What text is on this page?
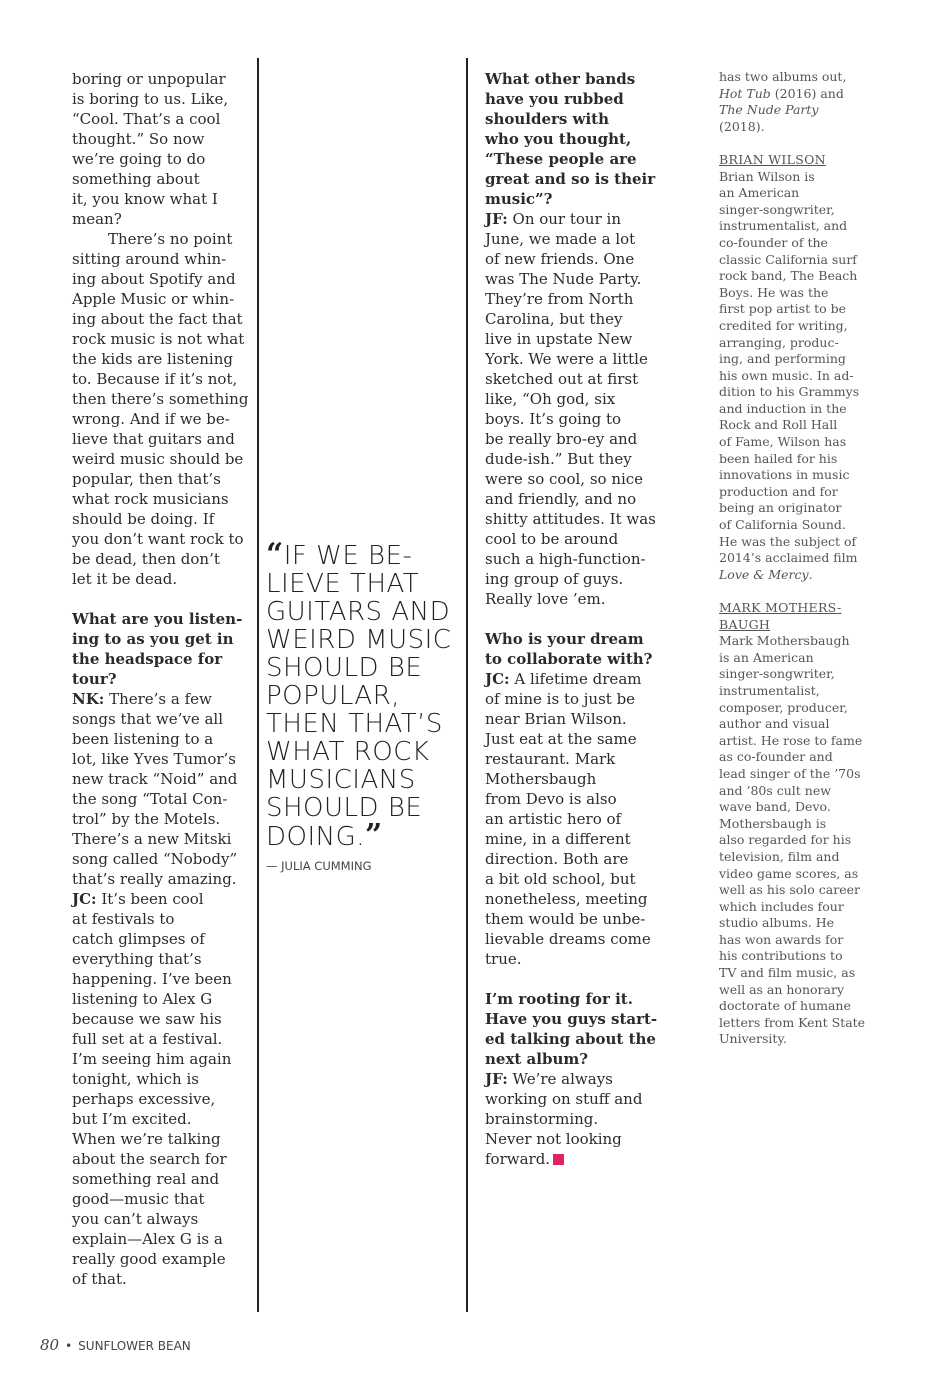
boring or unpopular
is boring to us. Like,
“Cool. That’s a cool
thought.” So now
we’re going to do
something about
it, you know what I
mean?
There’s no point
sitting around whin-
ing about Spotify and
Apple Music or whin-
ing about the fact that
rock music is not what
the kids are listening
to. Because if it’s not,
then there’s something
wrong. And if we be-
lieve that guitars and
weird music should be
popular, then that’s
what rock musicians
should be doing. If
you don’t want rock to
be dead, then don’t
let it be dead.
What are you listen-
ing to as you get in
the headspace for
tour?
NK: There’s a few
songs that we’ve all
been listening to a
lot, like Yves Tumor’s
new track “Noid” and
the song “Total Con-
trol” by the Motels.
There’s a new Mitski
song called “Nobody”
that’s really amazing.
JC: It’s been cool
at festivals to
catch glimpses of
everything that’s
happening. I’ve been
listening to Alex G
because we saw his
full set at a festival.
I’m seeing him again
tonight, which is
perhaps excessive,
but I’m excited.
When we’re talking
about the search for
something real and
good—music that
you can’t always
explain—Alex G is a
really good example
of that.
“IF WE BE-
LIEVE THAT
GUITARS AND
WEIRD MUSIC
SHOULD BE
POPULAR,
THEN THAT’S
WHAT ROCK
MUSICIANS
SHOULD BE
DOING.”
— JULIA CUMMING
What other bands
have you rubbed
shoulders with
who you thought,
“These people are
great and so is their
music”?
JF: On our tour in
June, we made a lot
of new friends. One
was The Nude Party.
They’re from North
Carolina, but they
live in upstate New
York. We were a little
sketched out at first
like, “Oh god, six
boys. It’s going to
be really bro-ey and
dude-ish.” But they
were so cool, so nice
and friendly, and no
shitty attitudes. It was
cool to be around
such a high-function-
ing group of guys.
Really love ’em.
Who is your dream
to collaborate with?
JC: A lifetime dream
of mine is to just be
near Brian Wilson.
Just eat at the same
restaurant. Mark
Mothersbaugh
from Devo is also
an artistic hero of
mine, in a different
direction. Both are
a bit old school, but
nonetheless, meeting
them would be unbe-
lievable dreams come
true.
I’m rooting for it.
Have you guys start-
ed talking about the
next album?
JF: We’re always
working on stuff and
brainstorming.
Never not looking
forward.
has two albums out,
Hot Tub (2016) and
The Nude Party
(2018).
BRIAN WILSON
Brian Wilson is
an American
singer-songwriter,
instrumentalist, and
co-founder of the
classic California surf
rock band, The Beach
Boys. He was the
first pop artist to be
credited for writing,
arranging, produc-
ing, and performing
his own music. In ad-
dition to his Grammys
and induction in the
Rock and Roll Hall
of Fame, Wilson has
been hailed for his
innovations in music
production and for
being an originator
of California Sound.
He was the subject of
2014’s acclaimed film
Love & Mercy.
MARK MOTHERS-
BAUGH
Mark Mothersbaugh
is an American
singer-songwriter,
instrumentalist,
composer, producer,
author and visual
artist. He rose to fame
as co-founder and
lead singer of the ’70s
and ’80s cult new
wave band, Devo.
Mothersbaugh is
also regarded for his
television, film and
video game scores, as
well as his solo career
which includes four
studio albums. He
has won awards for
his contributions to
TV and film music, as
well as an honorary
doctorate of humane
letters from Kent State
University.
80 • SUNFLOWER BEAN
